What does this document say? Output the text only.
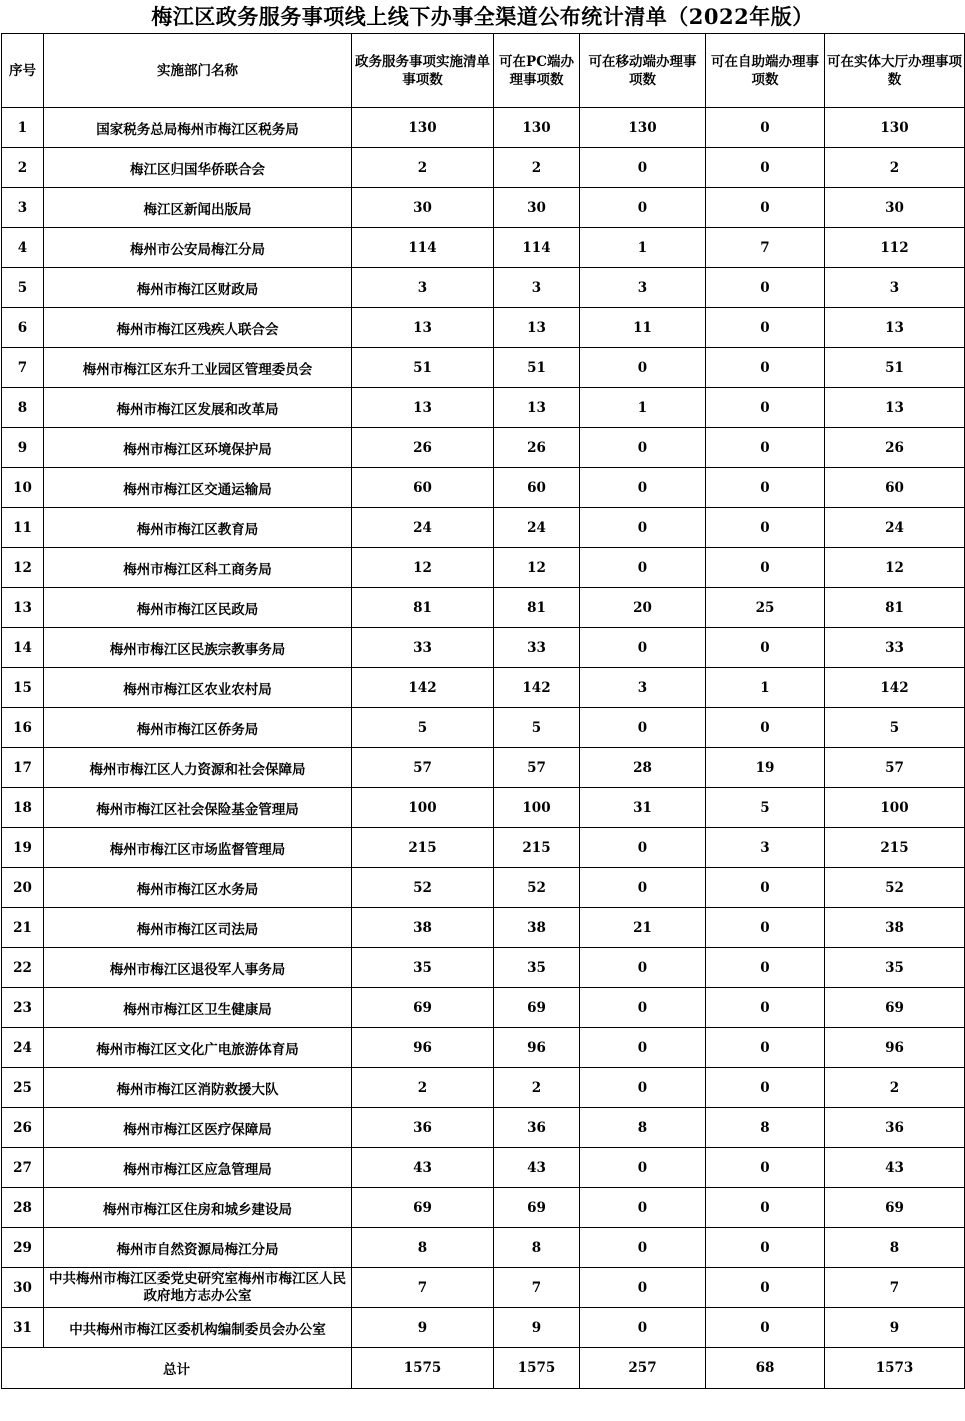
梅江区政务服务事项线上线下办事全渠道公布统计清单（2022年版）
序号	实施部门名称	政务服务事项实施清单事项数	可在PC端办理事项数	可在移动端办理事项数	可在自助端办理事项数	可在实体大厅办理事项数
1	国家税务总局梅州市梅江区税务局	130	130	130	0	130
2	梅江区归国华侨联合会	2	2	0	0	2
3	梅江区新闻出版局	30	30	0	0	30
4	梅州市公安局梅江分局	114	114	1	7	112
5	梅州市梅江区财政局	3	3	3	0	3
6	梅州市梅江区残疾人联合会	13	13	11	0	13
7	梅州市梅江区东升工业园区管理委员会	51	51	0	0	51
8	梅州市梅江区发展和改革局	13	13	1	0	13
9	梅州市梅江区环境保护局	26	26	0	0	26
10	梅州市梅江区交通运输局	60	60	0	0	60
11	梅州市梅江区教育局	24	24	0	0	24
12	梅州市梅江区科工商务局	12	12	0	0	12
13	梅州市梅江区民政局	81	81	20	25	81
14	梅州市梅江区民族宗教事务局	33	33	0	0	33
15	梅州市梅江区农业农村局	142	142	3	1	142
16	梅州市梅江区侨务局	5	5	0	0	5
17	梅州市梅江区人力资源和社会保障局	57	57	28	19	57
18	梅州市梅江区社会保险基金管理局	100	100	31	5	100
19	梅州市梅江区市场监督管理局	215	215	0	3	215
20	梅州市梅江区水务局	52	52	0	0	52
21	梅州市梅江区司法局	38	38	21	0	38
22	梅州市梅江区退役军人事务局	35	35	0	0	35
23	梅州市梅江区卫生健康局	69	69	0	0	69
24	梅州市梅江区文化广电旅游体育局	96	96	0	0	96
25	梅州市梅江区消防救援大队	2	2	0	0	2
26	梅州市梅江区医疗保障局	36	36	8	8	36
27	梅州市梅江区应急管理局	43	43	0	0	43
28	梅州市梅江区住房和城乡建设局	69	69	0	0	69
29	梅州市自然资源局梅江分局	8	8	0	0	8
30	中共梅州市梅江区委党史研究室梅州市梅江区人民政府地方志办公室	7	7	0	0	7
31	中共梅州市梅江区委机构编制委员会办公室	9	9	0	0	9
总计		1575	1575	257	68	1573
